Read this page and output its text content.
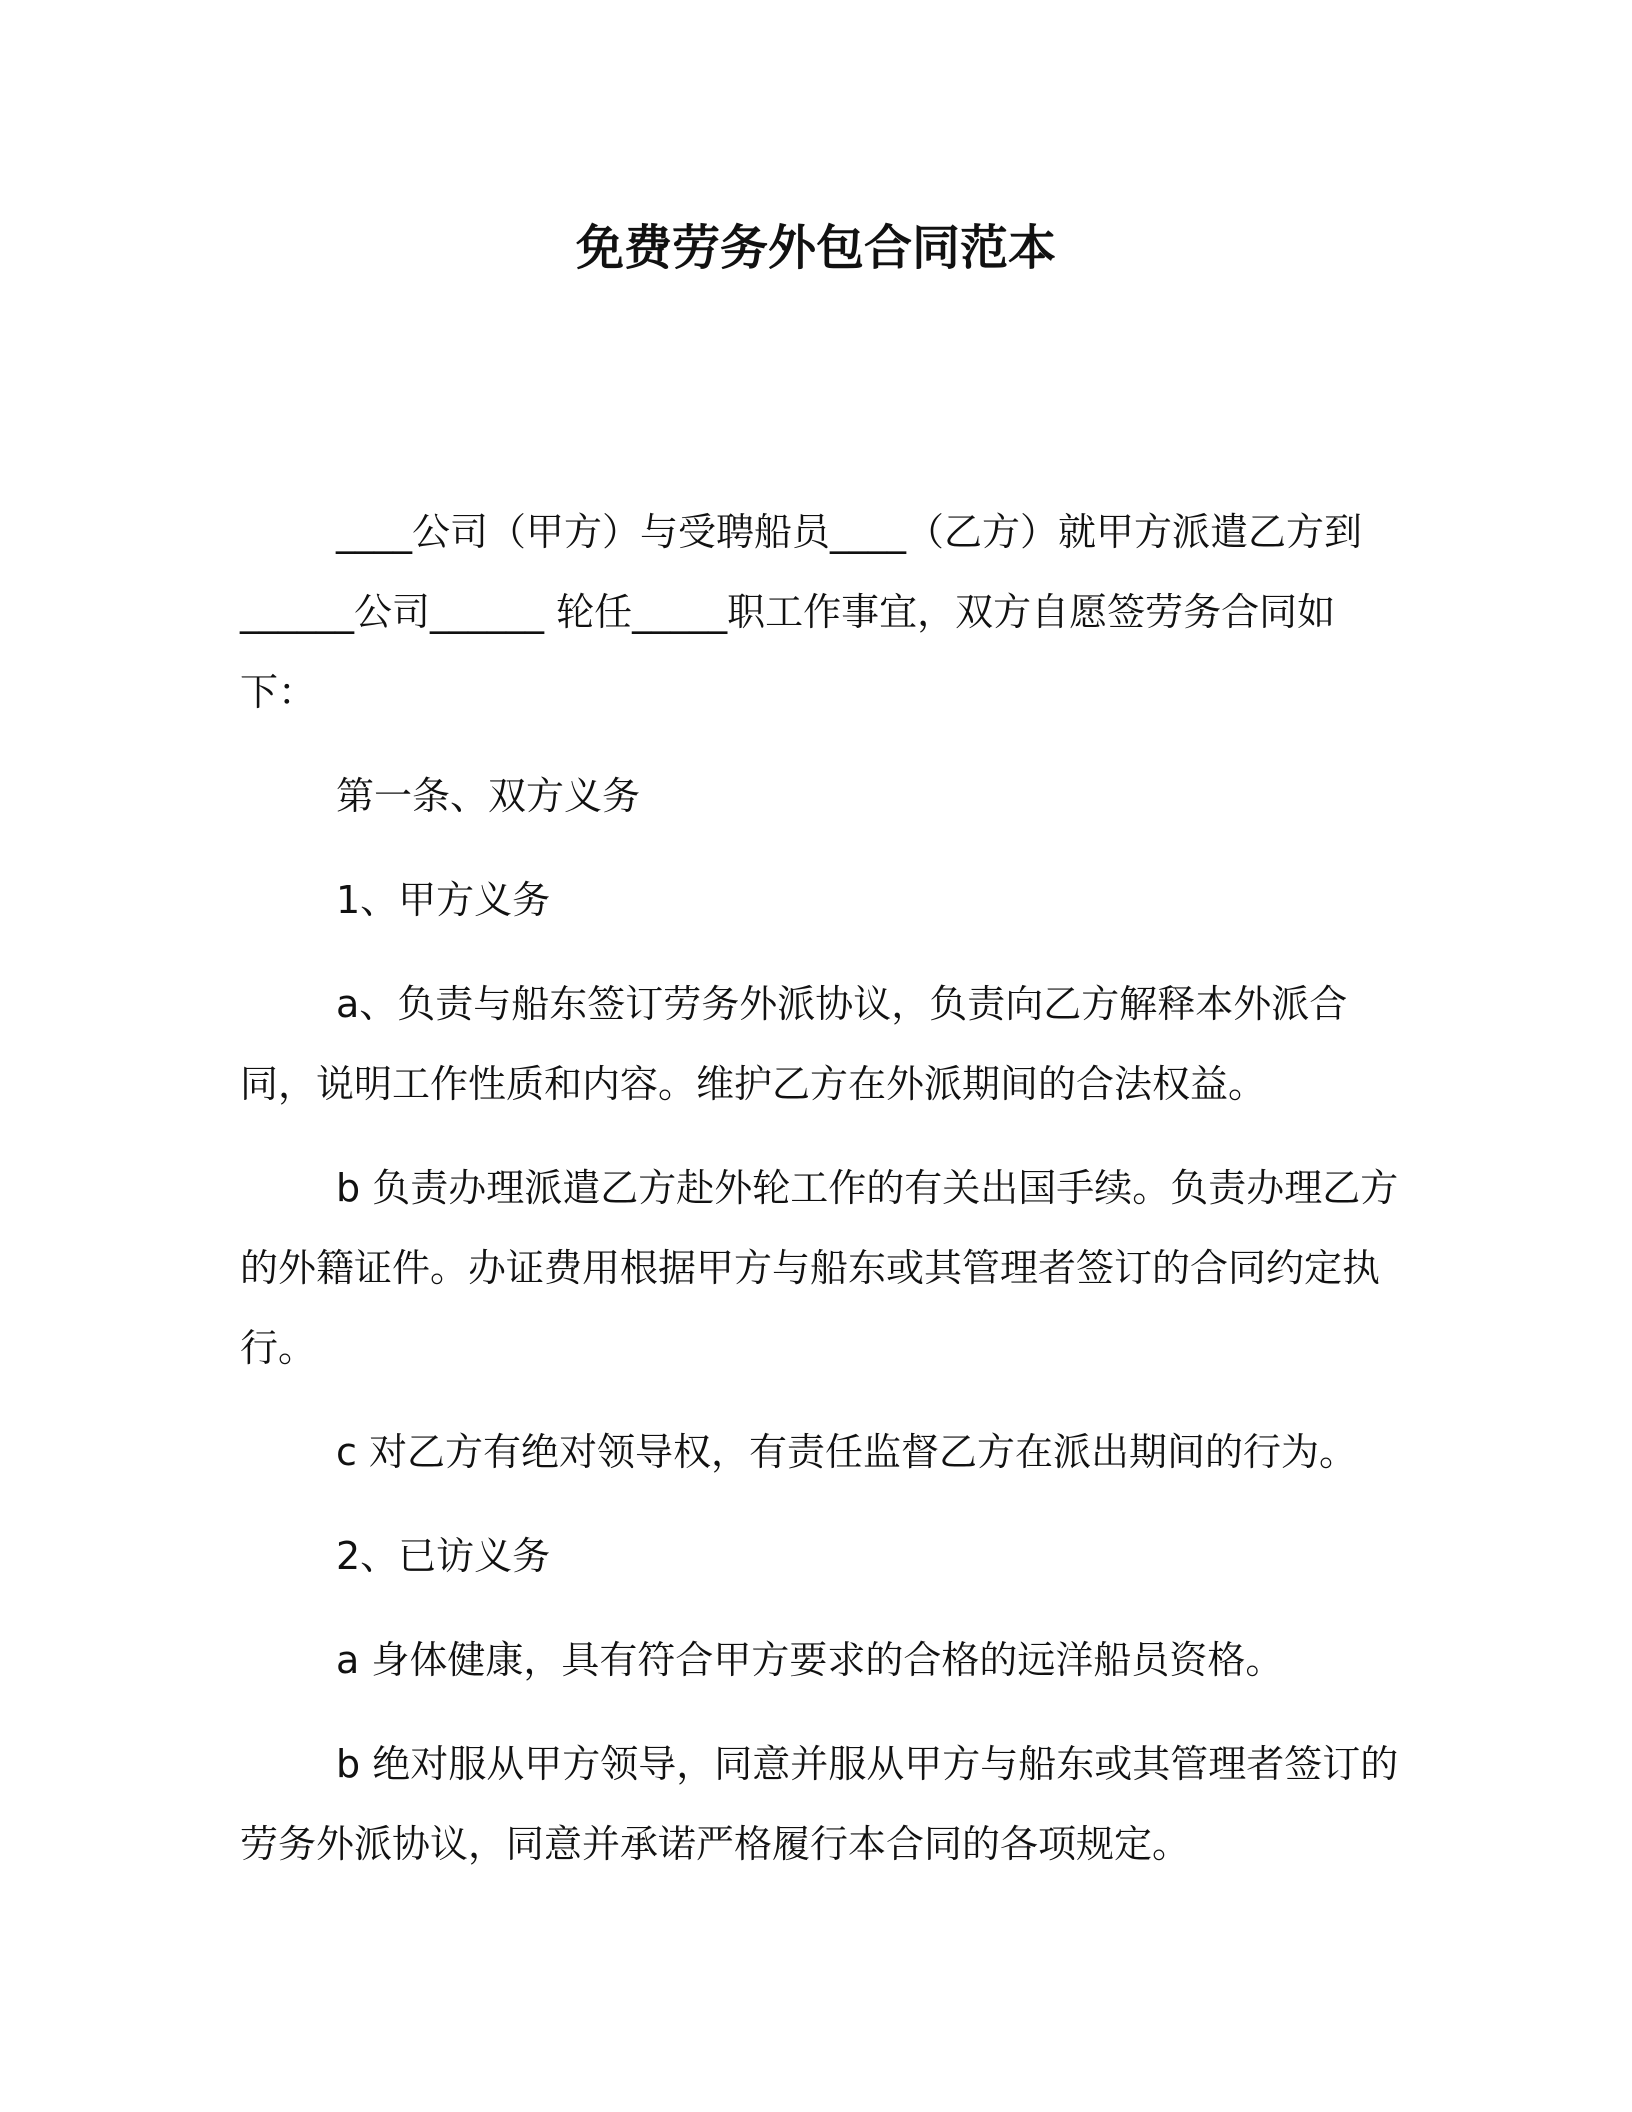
免费劳务外包合同范本

____公司（甲方）与受聘船员____（乙方）就甲方派遣乙方到______公司______ 轮任_____职工作事宜，双方自愿签劳务合同如下：

第一条、双方义务

1、甲方义务

a、负责与船东签订劳务外派协议，负责向乙方解释本外派合同，说明工作性质和内容。维护乙方在外派期间的合法权益。

b 负责办理派遣乙方赴外轮工作的有关出国手续。负责办理乙方的外籍证件。办证费用根据甲方与船东或其管理者签订的合同约定执行。

c 对乙方有绝对领导权，有责任监督乙方在派出期间的行为。

2、已访义务

a 身体健康，具有符合甲方要求的合格的远洋船员资格。

b 绝对服从甲方领导，同意并服从甲方与船东或其管理者签订的劳务外派协议，同意并承诺严格履行本合同的各项规定。
